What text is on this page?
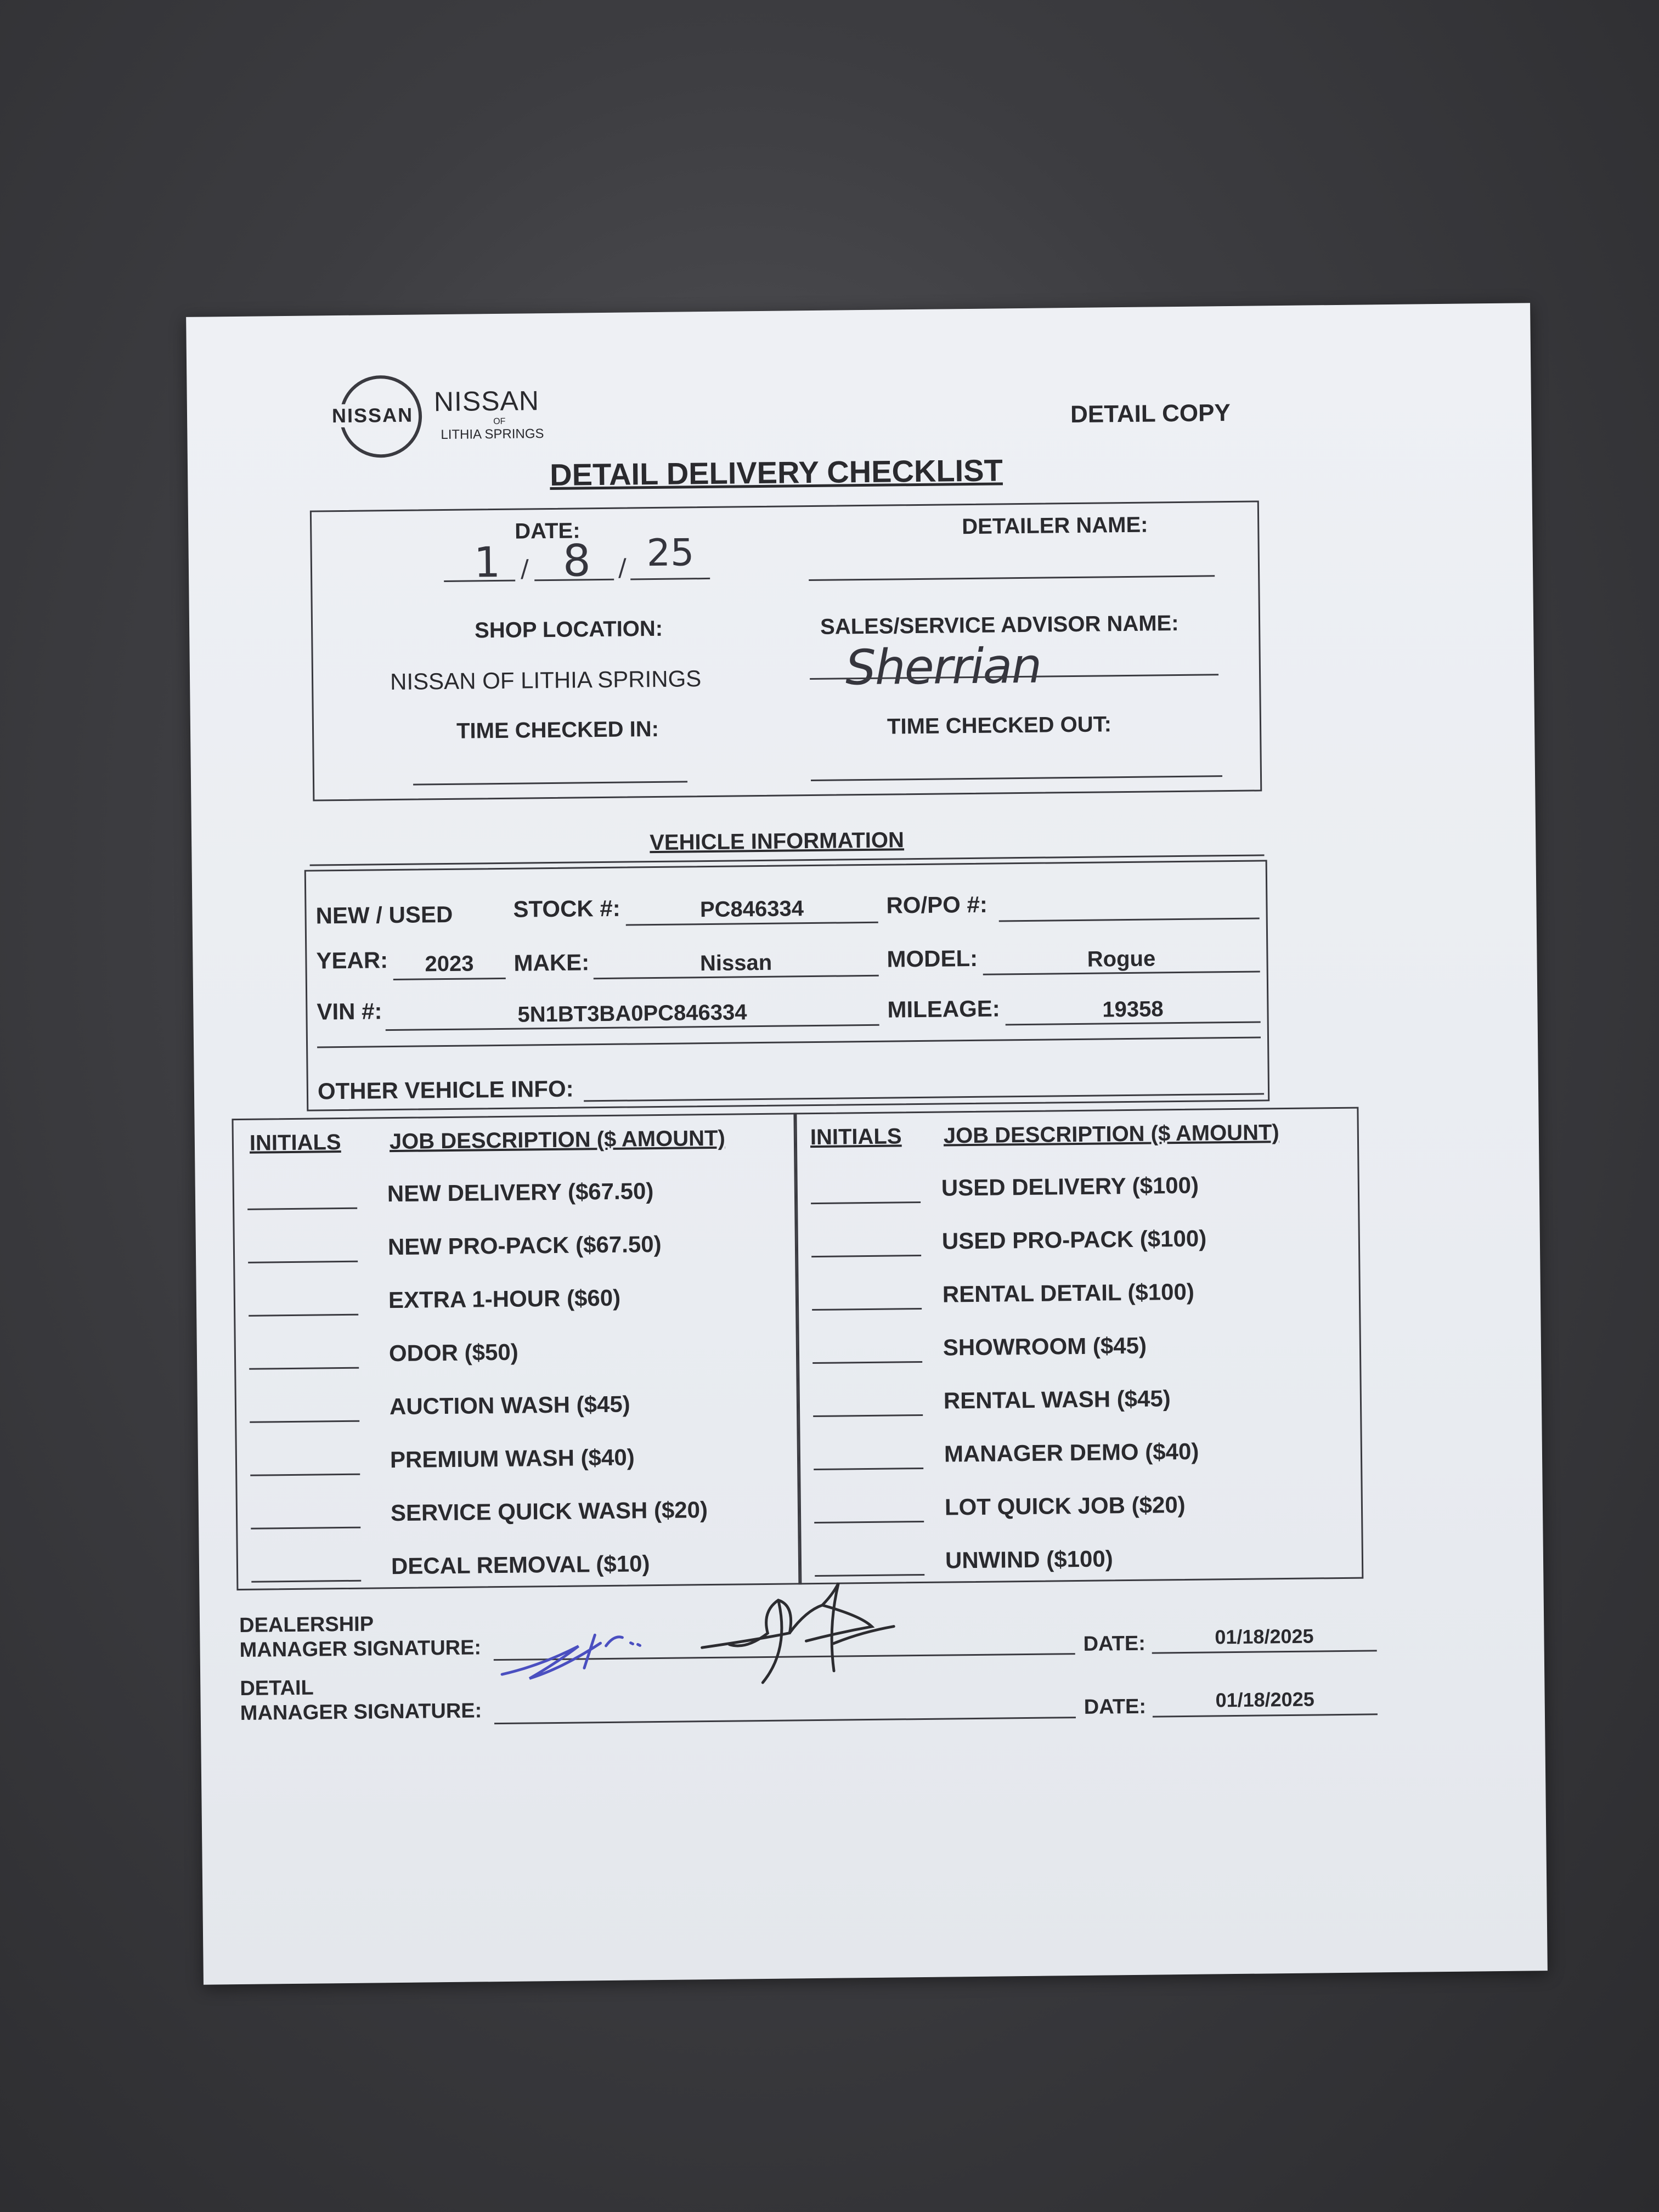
NISSAN NISSAN
OF
LITHIA SPRINGS
DETAIL COPY
DETAIL DELIVERY CHECKLIST
DATE:
1 / 8 / 25
DETAILER NAME:
SHOP LOCATION:
NISSAN OF LITHIA SPRINGS
SALES/SERVICE ADVISOR NAME:
Sherrian
TIME CHECKED IN:	TIME CHECKED OUT:
VEHICLE INFORMATION
NEW / USED	STOCK #:	PC846334	RO/PO #:
YEAR:	2023	MAKE:	Nissan	MODEL:	Rogue
VIN #:	5N1BT3BA0PC846334	MILEAGE:	19358
OTHER VEHICLE INFO:
INITIALS JOB DESCRIPTION ($ AMOUNT)	INITIALS JOB DESCRIPTION ($ AMOUNT)
NEW DELIVERY ($67.50)
NEW PRO-PACK ($67.50)
EXTRA 1-HOUR ($60)
ODOR ($50)
AUCTION WASH ($45)
PREMIUM WASH ($40)
SERVICE QUICK WASH ($20)
DECAL REMOVAL ($10)
USED DELIVERY ($100)
USED PRO-PACK ($100)
RENTAL DETAIL ($100)
SHOWROOM ($45)
RENTAL WASH ($45)
MANAGER DEMO ($40)
LOT QUICK JOB ($20)
UNWIND ($100)
DEALERSHIP
MANAGER SIGNATURE:	DATE:	01/18/2025
DETAIL
MANAGER SIGNATURE:	DATE:	01/18/2025
